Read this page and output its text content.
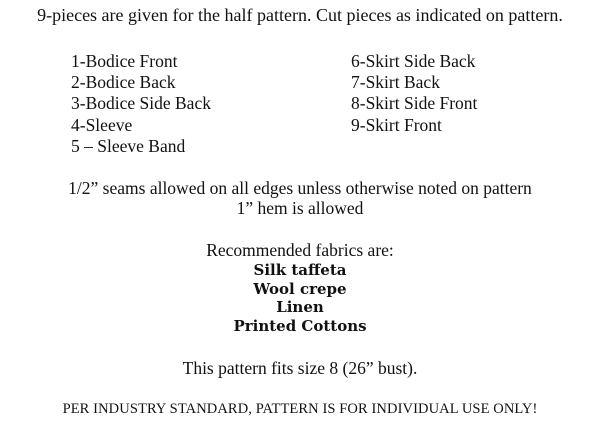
9-pieces are given for the half pattern. Cut pieces as indicated on pattern.
1-Bodice Front
2-Bodice Back
3-Bodice Side Back
4-Sleeve
5 – Sleeve Band
6-Skirt Side Back
7-Skirt Back
8-Skirt Side Front
9-Skirt Front
1/2” seams allowed on all edges unless otherwise noted on pattern
1” hem is allowed
Recommended fabrics are:
Silk taffeta
Wool crepe
Linen
Printed Cottons
This pattern fits size 8 (26” bust).
PER INDUSTRY STANDARD, PATTERN IS FOR INDIVIDUAL USE ONLY!
